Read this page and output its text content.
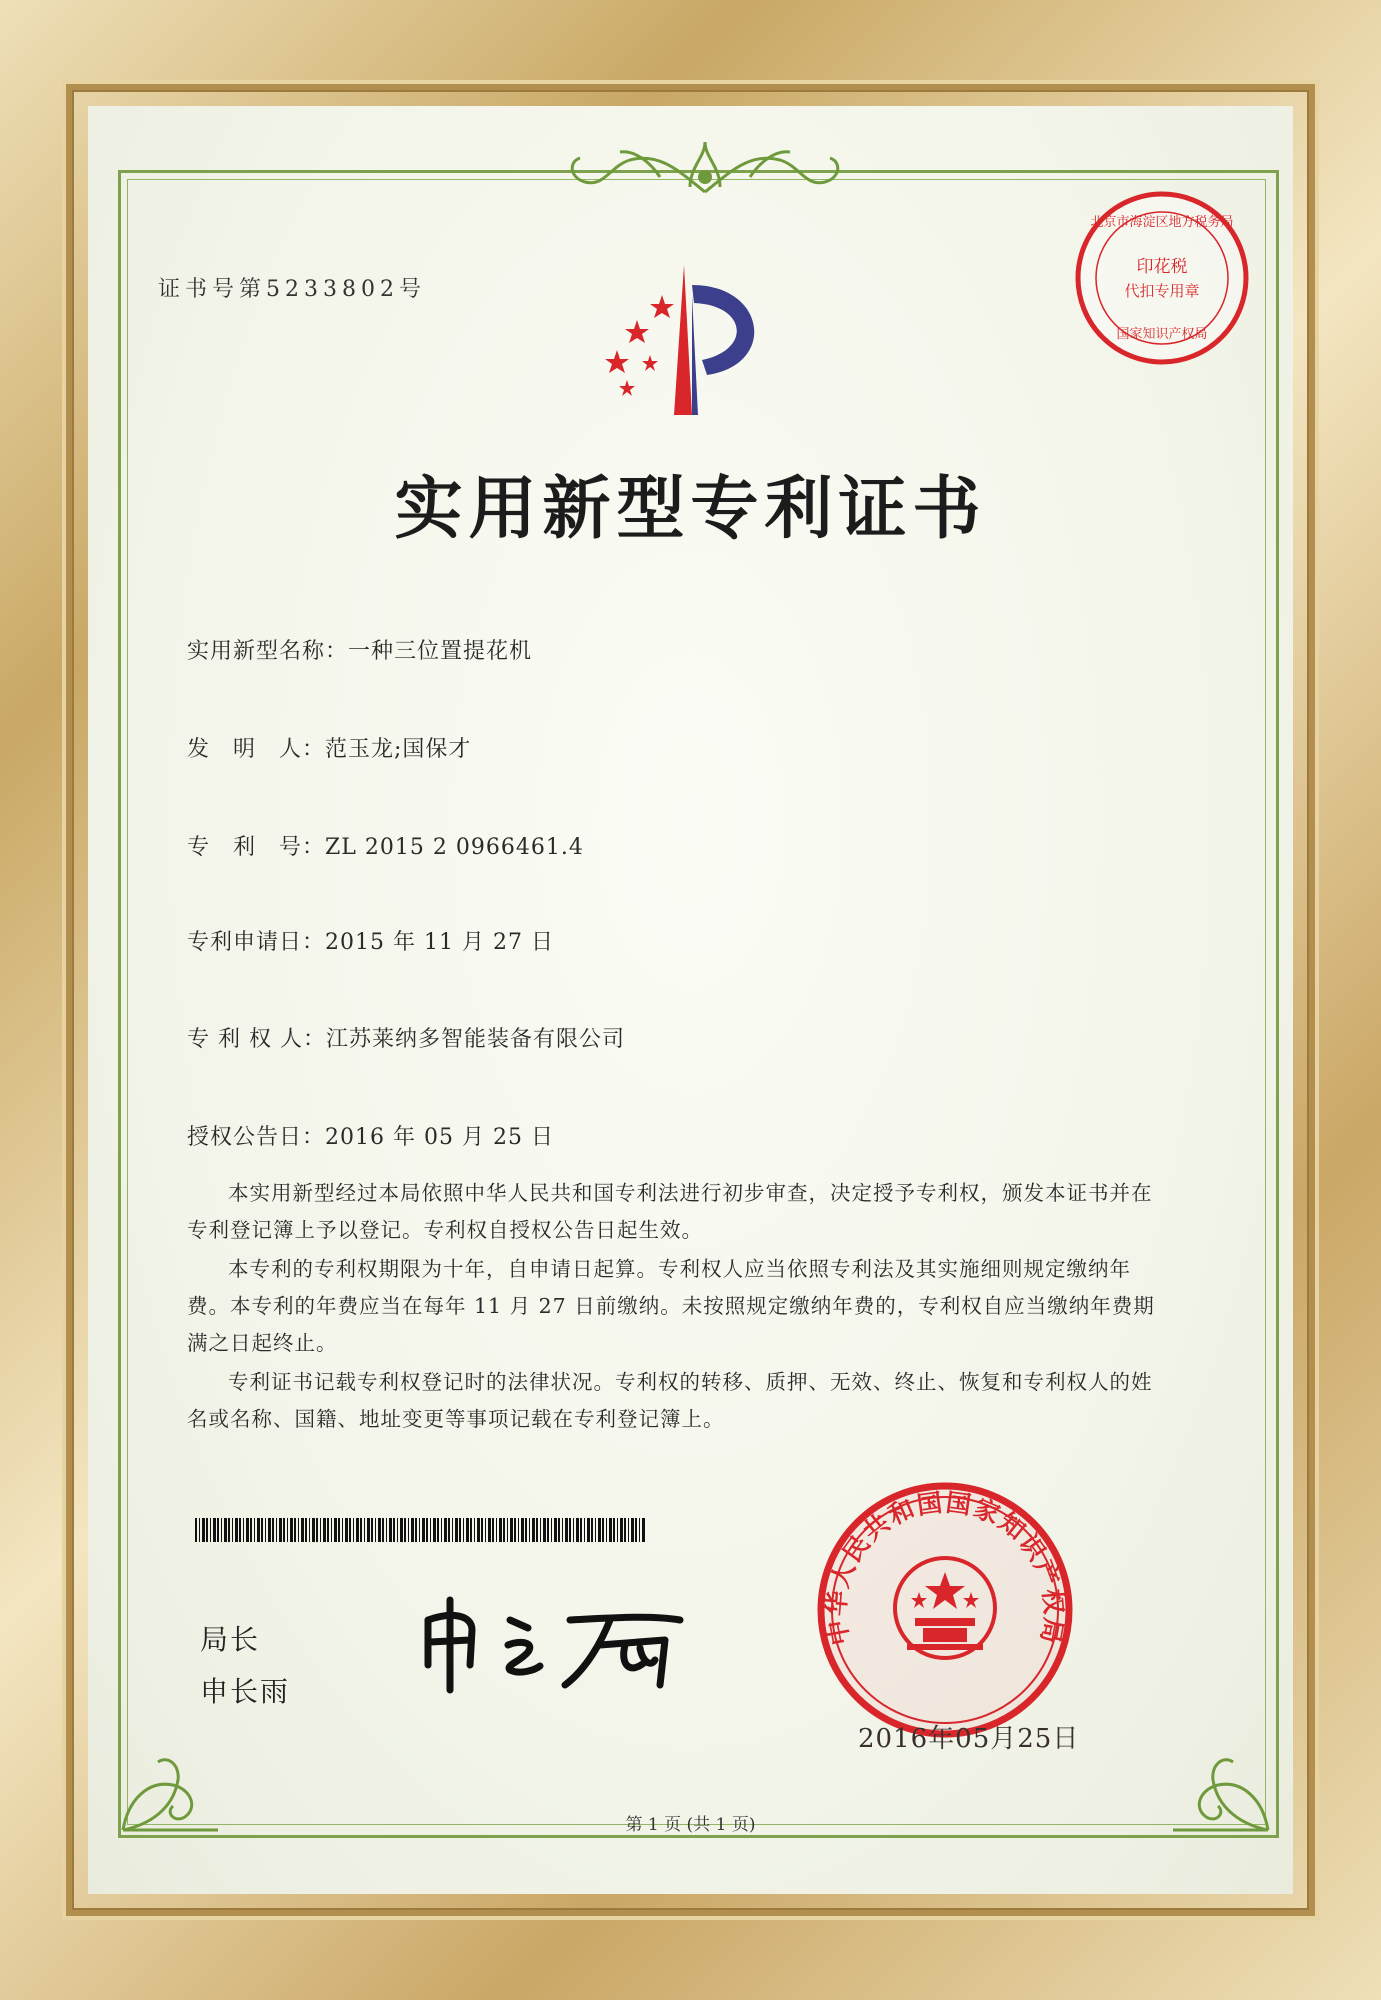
证书号第5233802号
北京市海淀区地方税务局
印花税
代扣专用章
国家知识产权局
实用新型专利证书
实用新型名称：一种三位置提花机
发　明　人：范玉龙;国保才
专　利　号：ZL 2015 2 0966461.4
专利申请日：2015 年 11 月 27 日
专 利 权 人：江苏莱纳多智能装备有限公司
授权公告日：2016 年 05 月 25 日

本实用新型经过本局依照中华人民共和国专利法进行初步审查，决定授予专利权，颁发本证书并在专利登记簿上予以登记。专利权自授权公告日起生效。

本专利的专利权期限为十年，自申请日起算。专利权人应当依照专利法及其实施细则规定缴纳年费。本专利的年费应当在每年 11 月 27 日前缴纳。未按照规定缴纳年费的，专利权自应当缴纳年费期满之日起终止。

专利证书记载专利权登记时的法律状况。专利权的转移、质押、无效、终止、恢复和专利权人的姓名或名称、国籍、地址变更等事项记载在专利登记簿上。

局长
申长雨
中华人民共和国国家知识产权局
2016年05月25日
第 1 页 (共 1 页)
